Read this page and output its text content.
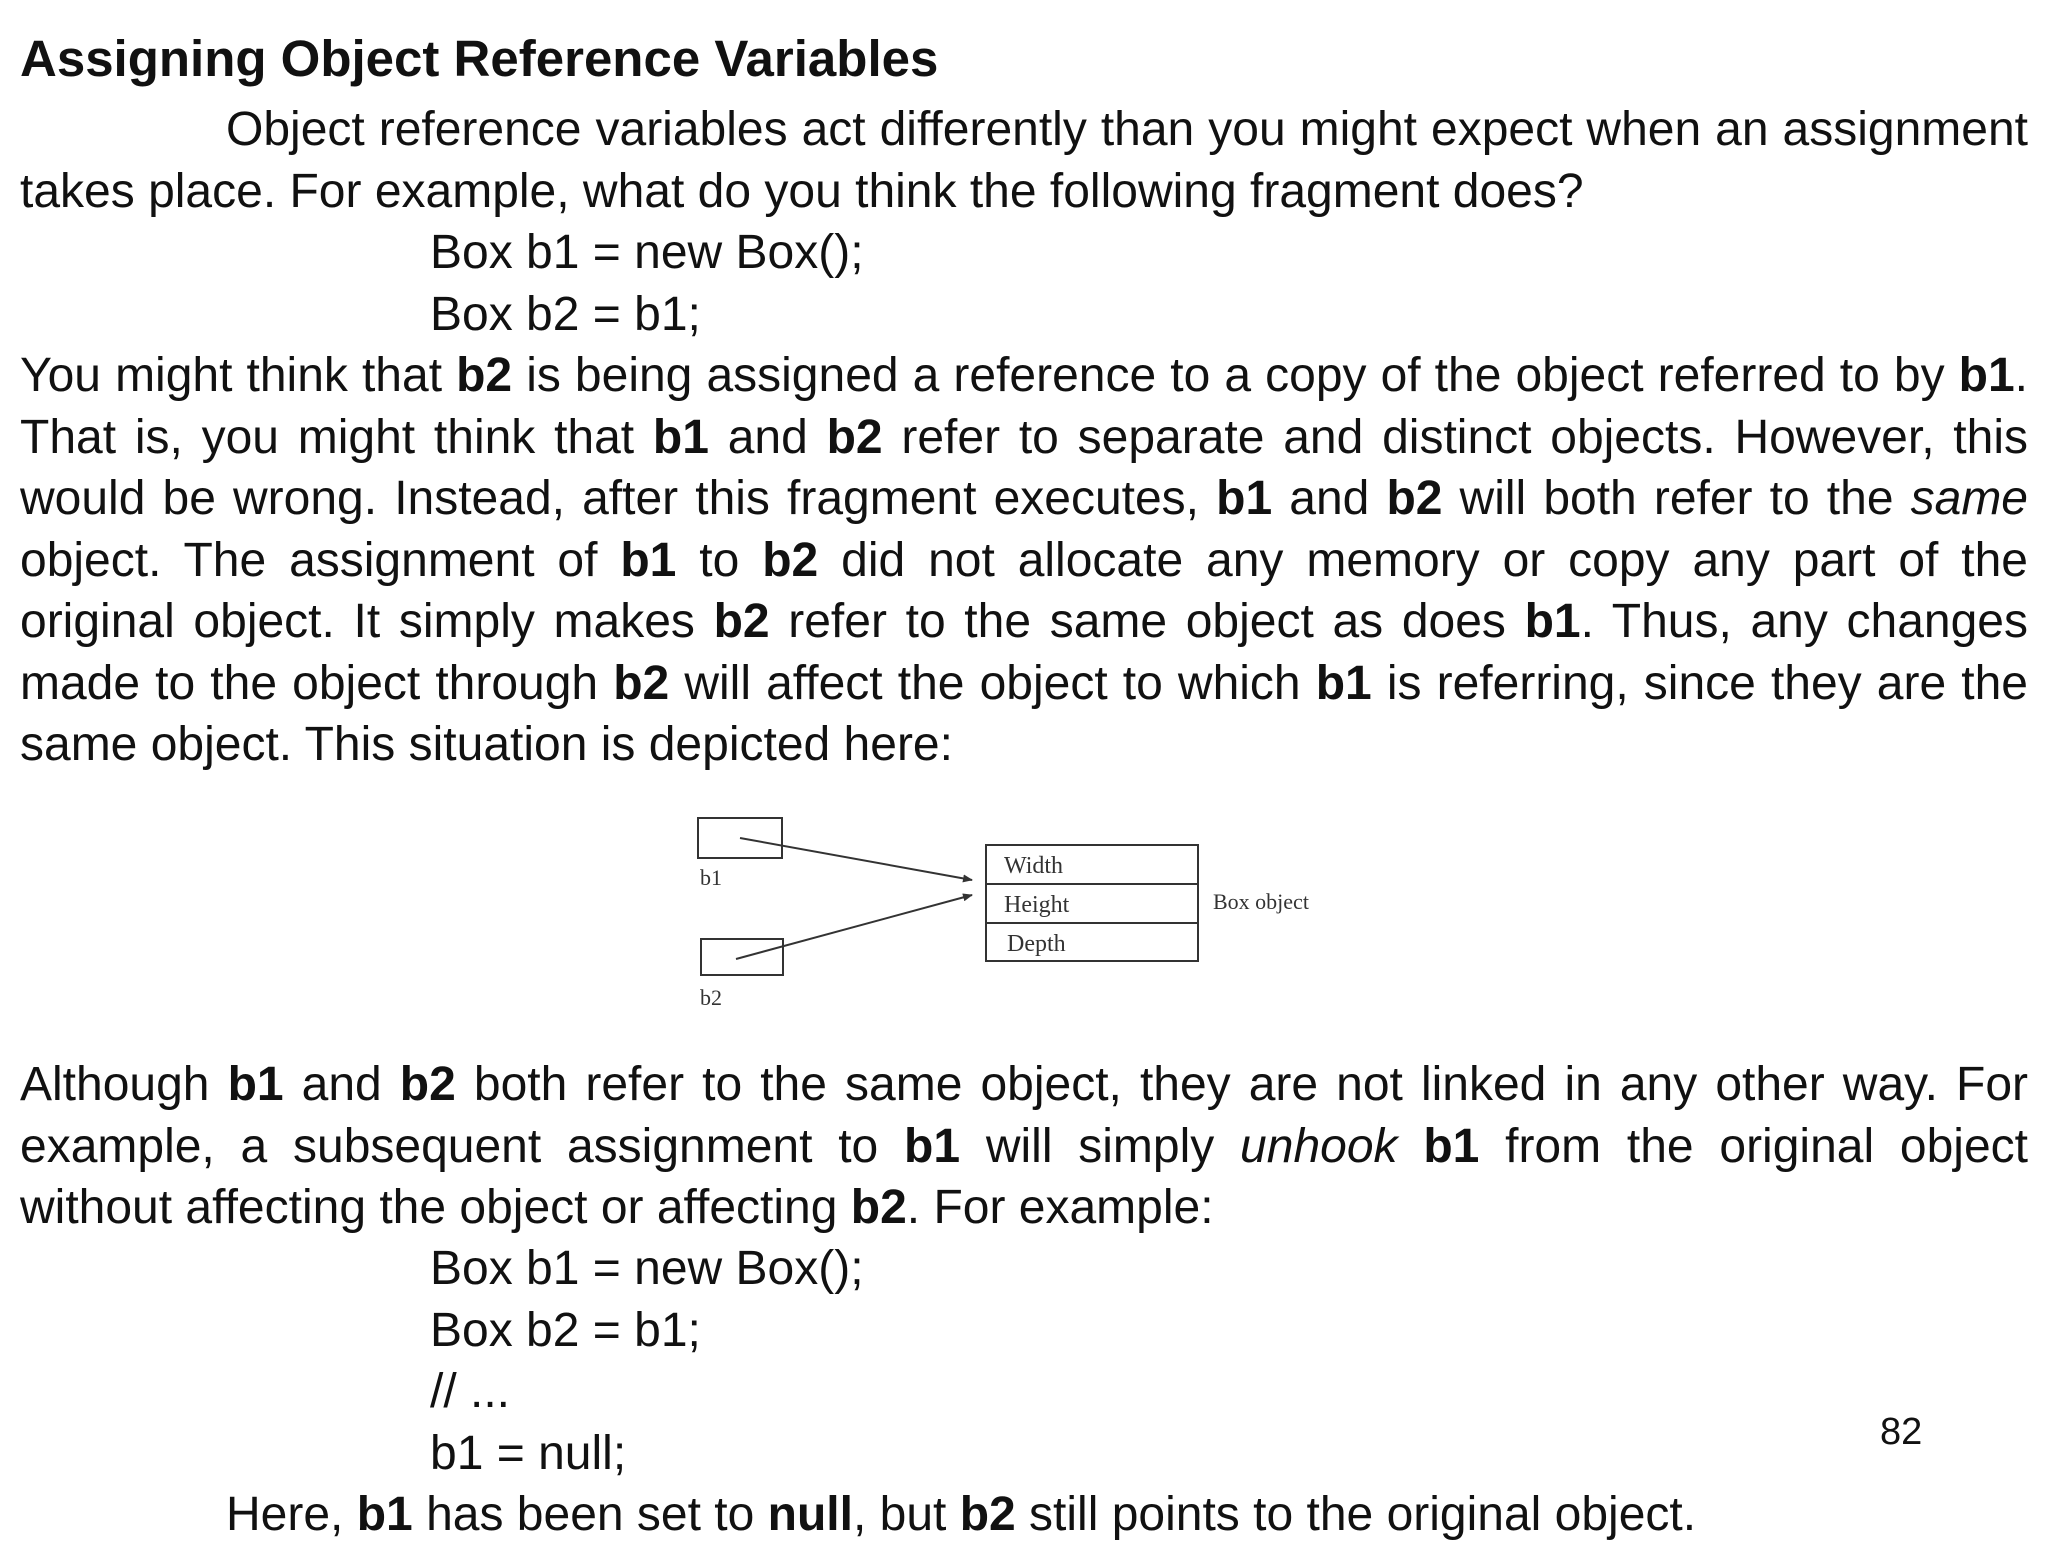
Assigning Object Reference Variables
Object reference variables act differently than you might expect when an assignment takes place. For example, what do you think the following fragment does?
Box b1 = new Box();
Box b2 = b1;
You might think that b2 is being assigned a reference to a copy of the object referred to by b1. That is, you might think that b1 and b2 refer to separate and distinct objects. However, this would be wrong. Instead, after this fragment executes, b1 and b2 will both refer to the same object. The assignment of b1 to b2 did not allocate any memory or copy any part of the original object. It simply makes b2 refer to the same object as does b1. Thus, any changes made to the object through b2 will affect the object to which b1 is referring, since they are the same object. This situation is depicted here:
b1
b2
Width
Height
Depth
Box object
Although b1 and b2 both refer to the same object, they are not linked in any other way. For example, a subsequent assignment to b1 will simply unhook b1 from the original object without affecting the object or affecting b2. For example:
Box b1 = new Box();
Box b2 = b1;
// ...
b1 = null;	82
Here, b1 has been set to null, but b2 still points to the original object.
